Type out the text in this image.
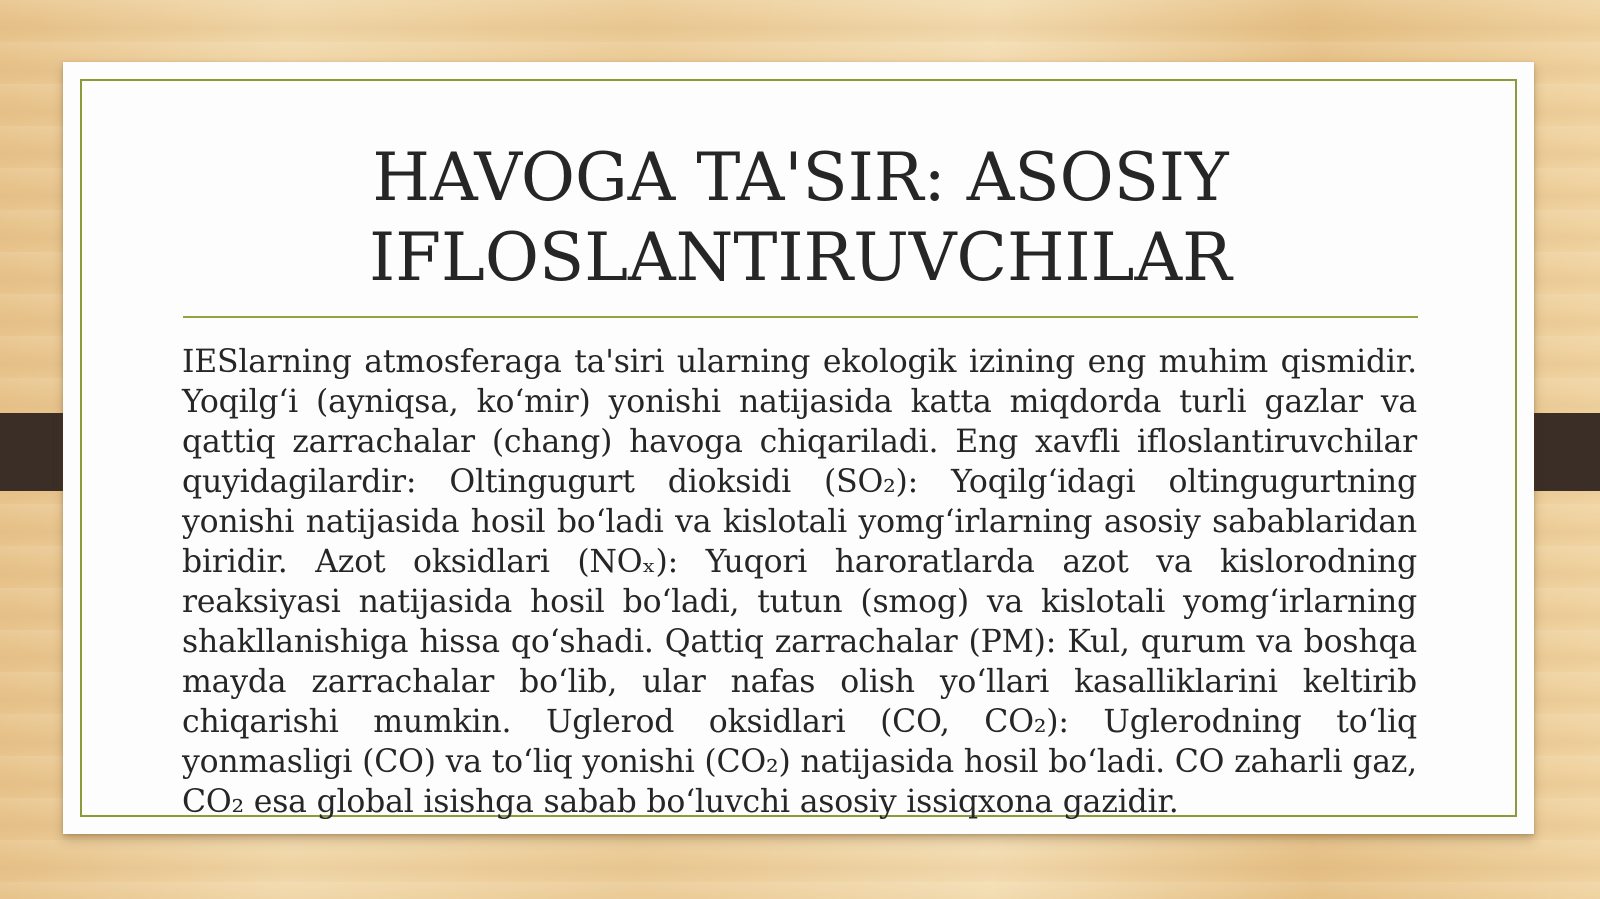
HAVOGA TA'SIR: ASOSIY IFLOSLANTIRUVCHILAR

IESlarning atmosferaga ta'siri ularning ekologik izining eng muhim qismidir. Yoqilg‘i (ayniqsa, ko‘mir) yonishi natijasida katta miqdorda turli gazlar va qattiq zarrachalar (chang) havoga chiqariladi. Eng xavfli ifloslantiruvchilar quyidagilardir: Oltingugurt dioksidi (SO₂): Yoqilg‘idagi oltingugurtning yonishi natijasida hosil bo‘ladi va kislotali yomg‘irlarning asosiy sabablaridan biridir. Azot oksidlari (NOₓ): Yuqori haroratlarda azot va kislorodning reaksiyasi natijasida hosil bo‘ladi, tutun (smog) va kislotali yomg‘irlarning shakllanishiga hissa qo‘shadi. Qattiq zarrachalar (PM): Kul, qurum va boshqa mayda zarrachalar bo‘lib, ular nafas olish yo‘llari kasalliklarini keltirib chiqarishi mumkin. Uglerod oksidlari (CO, CO₂): Uglerodning to‘liq yonmasligi (CO) va to‘liq yonishi (CO₂) natijasida hosil bo‘ladi. CO zaharli gaz, CO₂ esa global isishga sabab bo‘luvchi asosiy issiqxona gazidir.
